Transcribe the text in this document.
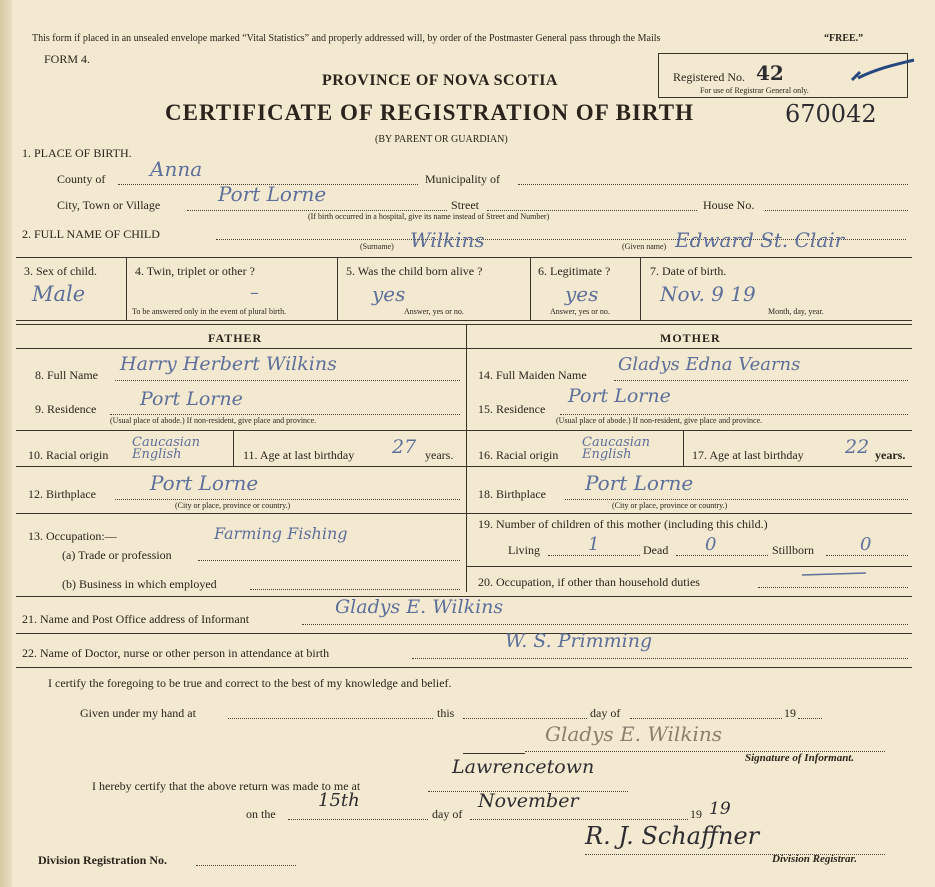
This form if placed in an unsealed envelope marked “Vital Statistics” and properly addressed will, by order of the Postmaster General pass through the Mails	“FREE.”
FORM 4.
PROVINCE OF NOVA SCOTIA
CERTIFICATE OF REGISTRATION OF BIRTH
(BY PARENT OR GUARDIAN)
Registered No. 42
For use of Registrar General only.
670042
1. PLACE OF BIRTH.
County of Anna	Municipality of
City, Town or Village	Port Lorne	Street	House No.
(If birth occurred in a hospital, give its name instead of Street and Number)
2. FULL NAME OF CHILD
(Surname) Wilkins	(Given name) Edward St. Clair
3. Sex of child.
Male
4. Twin, triplet or other ?
–
To be answered only in the event of plural birth.
5. Was the child born alive ?
yes
Answer, yes or no.
6. Legitimate ?
yes
Answer, yes or no.
7. Date of birth.
Nov. 9 19
Month, day, year.
FATHER	MOTHER
8. Full Name Harry Herbert Wilkins
9. Residence Port Lorne
(Usual place of abode.) If non-resident, give place and province.
10. Racial origin
Caucasian English	11. Age at last birthday 27 years.
12. Birthplace	Port Lorne
(City or place, province or country.)
13. Occupation:—
(a) Trade or profession
Farming Fishing
(b) Business in which employed
14. Full Maiden Name Gladys Edna Vearns
15. Residence
Port Lorne
(Usual place of abode.) If non-resident, give place and province.
16. Racial origin
Caucasian English	17. Age at last birthday 22 years.
18. Birthplace Port Lorne
(City or place, province or country.)
19. Number of children of this mother (including this child.)
Living	1	Dead 0	Stillborn	0
20. Occupation, if other than household duties
21. Name and Post Office address of Informant
Gladys E. Wilkins
22. Name of Doctor, nurse or other person in attendance at birth
W. S. Primming
I certify the foregoing to be true and correct to the best of my knowledge and belief.
Given under my hand at	this	day of	19
Gladys E. Wilkins
Signature of Informant.
I hereby certify that the above return was made to me at
Lawrencetown
on the
15th
day of
November
19 19
Division Registration No.
R. J. Schaffner
Division Registrar.
